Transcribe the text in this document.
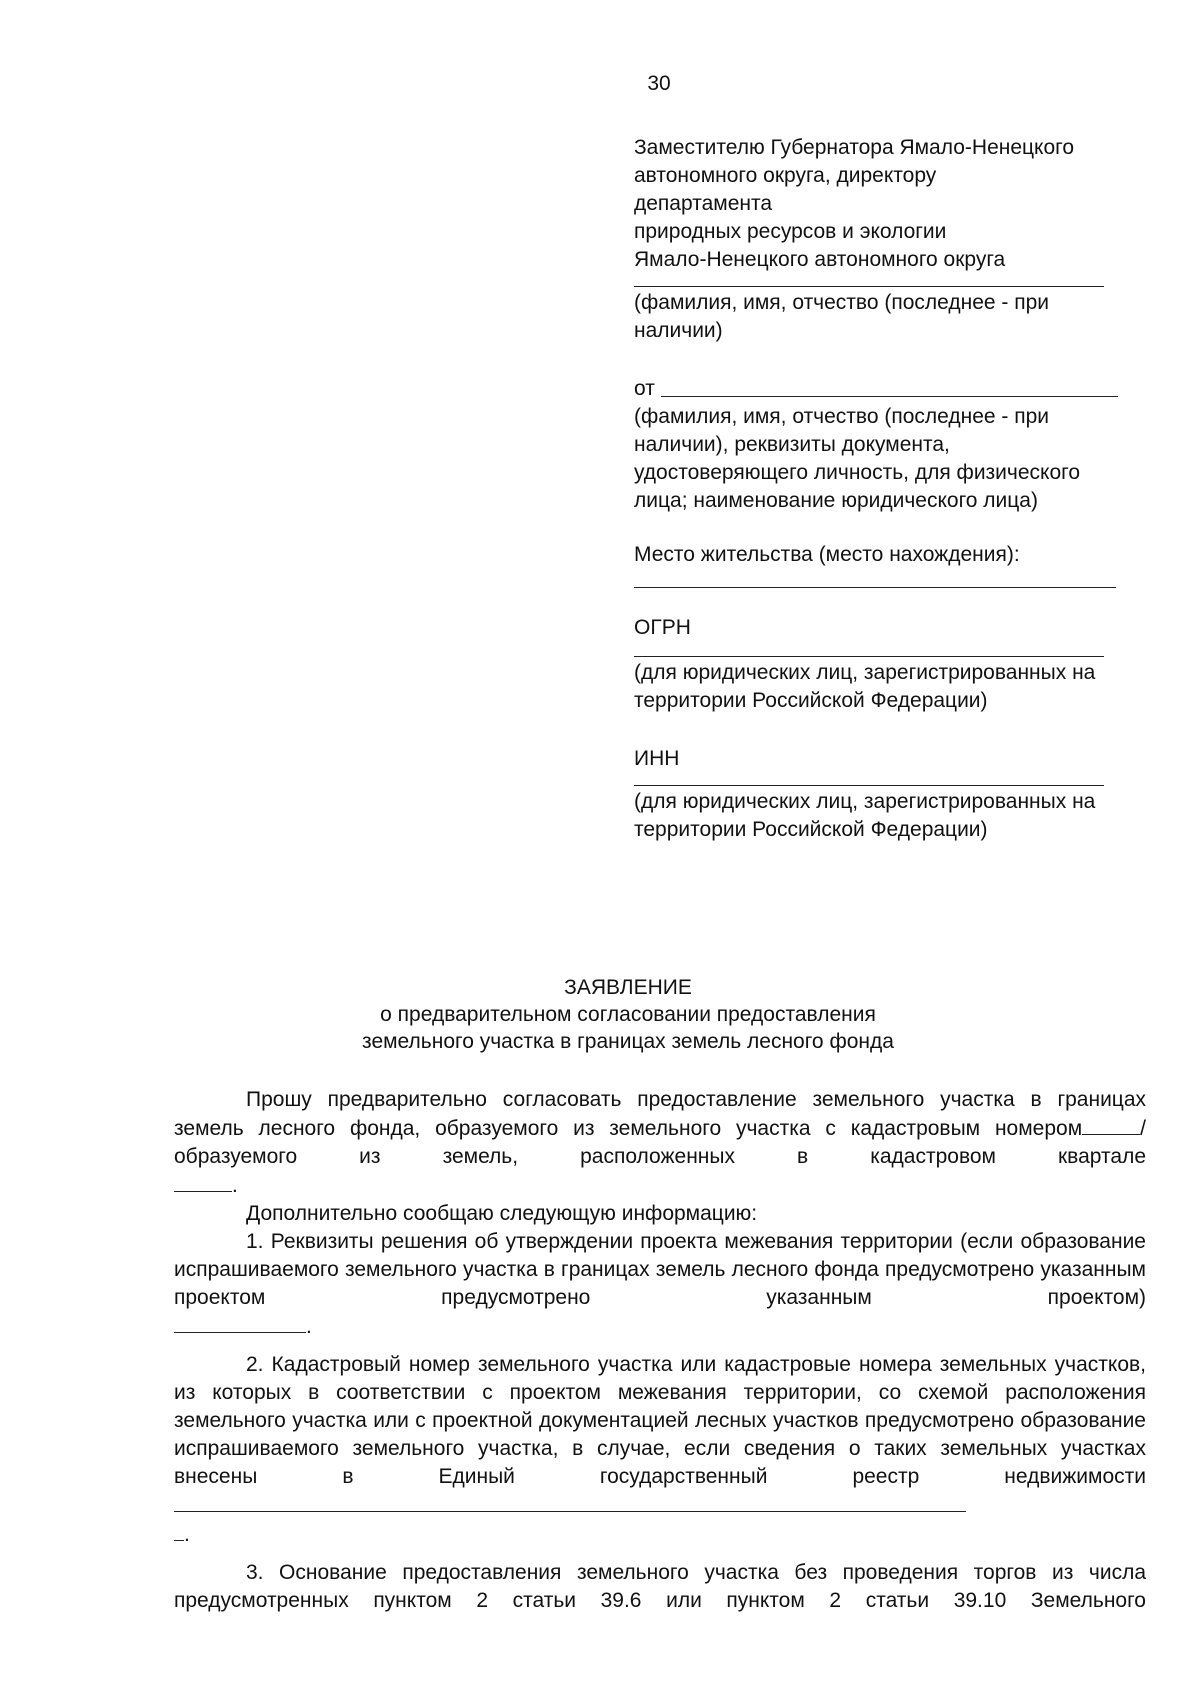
30
Заместителю Губернатора Ямало-Ненецкого
автономного округа, директору
департамента
природных ресурсов и экологии
Ямало-Ненецкого автономного округа
(фамилия, имя, отчество (последнее - при наличии)
от
(фамилия, имя, отчество (последнее - при наличии), реквизиты документа, удостоверяющего личность, для физического лица; наименование юридического лица)
Место жительства (место нахождения):
ОГРН
(для юридических лиц, зарегистрированных на территории Российской Федерации)
ИНН
(для юридических лиц, зарегистрированных на территории Российской Федерации)
ЗАЯВЛЕНИЕ
о предварительном согласовании предоставления
земельного участка в границах земель лесного фонда

Прошу предварительно согласовать предоставление земельного участка в границах земель лесного фонда, образуемого из земельного участка с кадастровым номером	/образуемого из земель, расположенных в кадастровом квартале

.

Дополнительно сообщаю следующую информацию:

1. Реквизиты решения об утверждении проекта межевания территории (если образование испрашиваемого земельного участка в границах земель лесного фонда предусмотрено указанным проектом предусмотрено указанным проектом)

.

2. Кадастровый номер земельного участка или кадастровые номера земельных участков, из которых в соответствии с проектом межевания территории, со схемой расположения земельного участка или с проектной документацией лесных участков предусмотрено образование испрашиваемого земельного участка, в случае, если сведения о таких земельных участках внесены в Единый государственный реестр недвижимости

.

3. Основание предоставления земельного участка без проведения торгов из числа предусмотренных пунктом 2 статьи 39.6 или пунктом 2 статьи 39.10 Земельного
